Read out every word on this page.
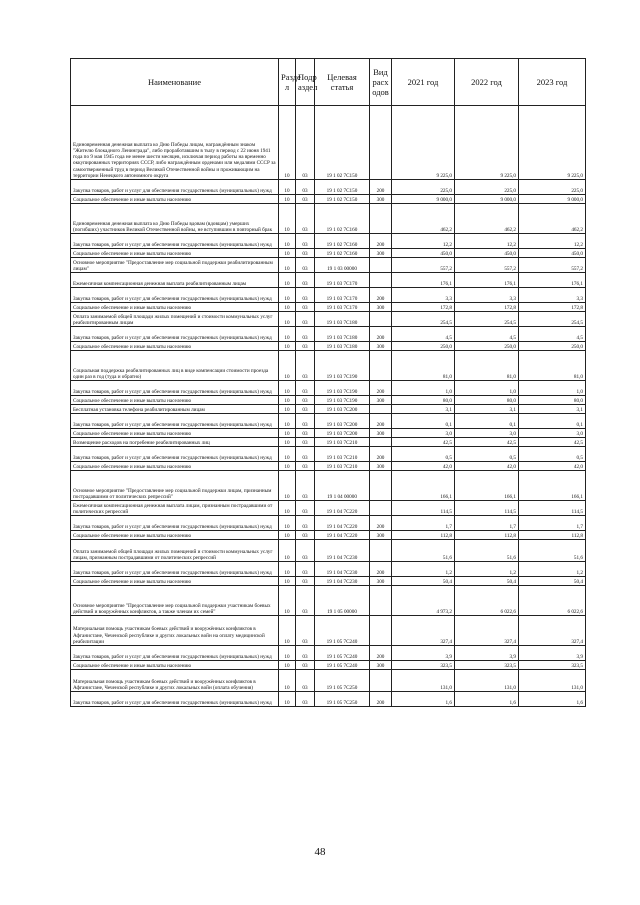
Наименование	Разде л	Подр аздел	Целевая статья	Вид расх одов	2021 год	2022 год	2023 год
Единовременная денежная выплата ко Дню Победы лицам, награждённым знаком "Жителю блокадного Ленинграда", либо проработавшим в тылу в период с 22 июня 1941 года по 9 мая 1945 года не менее шести месяцев, исключая период работы на временно оккупированных территориях СССР, либо награждённым орденами или медалями СССР за самоотверженный труд в период Великой Отечественной войны и проживающим на территории Ненецкого автономного округа	10	03	19 1 02 7С150		9 225,0	9 225,0	9 225,0
Закупка товаров, работ и услуг для обеспечения государственных (муниципальных) нужд	10	03	19 1 02 7С150	200	225,0	225,0	225,0
Социальное обеспечение и иные выплаты населению	10	03	19 1 02 7С150	300	9 000,0	9 000,0	9 000,0
Единовременная денежная выплата ко Дню Победы вдовам (вдовцам) умерших (погибших) участников Великой Отечественной войны, не вступившим в повторный брак	10	03	19 1 02 7С160		462,2	462,2	462,2
Закупка товаров, работ и услуг для обеспечения государственных (муниципальных) нужд	10	03	19 1 02 7С160	200	12,2	12,2	12,2
Социальное обеспечение и иные выплаты населению	10	03	19 1 02 7С160	300	450,0	450,0	450,0
Основное мероприятие "Предоставление мер социальной поддержки реабилитированным лицам"	10	03	19 1 03 00000		557,2	557,2	557,2
Ежемесячная компенсационная денежная выплата реабилитированным лицам	10	03	19 1 03 7С170		176,1	176,1	176,1
Закупка товаров, работ и услуг для обеспечения государственных (муниципальных) нужд	10	03	19 1 03 7С170	200	3,3	3,3	3,3
Социальное обеспечение и иные выплаты населению	10	03	19 1 03 7С170	300	172,8	172,8	172,8
Оплата занимаемой общей площади жилых помещений и стоимости коммунальных услуг реабилитированным лицам	10	03	19 1 03 7С180		254,5	254,5	254,5
Закупка товаров, работ и услуг для обеспечения государственных (муниципальных) нужд	10	03	19 1 03 7С180	200	4,5	4,5	4,5
Социальное обеспечение и иные выплаты населению	10	03	19 1 03 7С180	300	250,0	250,0	250,0
Социальная поддержка реабилитированных лиц в виде компенсации стоимости проезда один раз в год (туда и обратно)	10	03	19 1 03 7С190		81,0	81,0	81,0
Закупка товаров, работ и услуг для обеспечения государственных (муниципальных) нужд	10	03	19 1 03 7С190	200	1,0	1,0	1,0
Социальное обеспечение и иные выплаты населению	10	03	19 1 03 7С190	300	80,0	80,0	80,0
Бесплатная установка телефона реабилитированным лицам	10	03	19 1 03 7С200		3,1	3,1	3,1
Закупка товаров, работ и услуг для обеспечения государственных (муниципальных) нужд	10	03	19 1 03 7С200	200	0,1	0,1	0,1
Социальное обеспечение и иные выплаты населению	10	03	19 1 03 7С200	300	3,0	3,0	3,0
Возмещение расходов на погребение реабилитированных лиц	10	03	19 1 03 7С210		42,5	42,5	42,5
Закупка товаров, работ и услуг для обеспечения государственных (муниципальных) нужд	10	03	19 1 03 7С210	200	0,5	0,5	0,5
Социальное обеспечение и иные выплаты населению	10	03	19 1 03 7С210	300	42,0	42,0	42,0
Основное мероприятие "Предоставление мер социальной поддержки лицам, признанным пострадавшими от политических репрессий"	10	03	19 1 04 00000		166,1	166,1	166,1
Ежемесячная компенсационная денежная выплата лицам, признанным пострадавшими от политических репрессий	10	03	19 1 04 7С220		114,5	114,5	114,5
Закупка товаров, работ и услуг для обеспечения государственных (муниципальных) нужд	10	03	19 1 04 7С220	200	1,7	1,7	1,7
Социальное обеспечение и иные выплаты населению	10	03	19 1 04 7С220	300	112,8	112,8	112,8
Оплата занимаемой общей площади жилых помещений и стоимости коммунальных услуг лицам, признанным пострадавшими от политических репрессий	10	03	19 1 04 7С230		51,6	51,6	51,6
Закупка товаров, работ и услуг для обеспечения государственных (муниципальных) нужд	10	03	19 1 04 7С230	200	1,2	1,2	1,2
Социальное обеспечение и иные выплаты населению	10	03	19 1 04 7С230	300	50,4	50,4	50,4
Основное мероприятие "Предоставление мер социальной поддержки участникам боевых действий и вооружённых конфликтов, а также членам их семей"	10	03	19 1 05 00000		4 973,2	6 022,6	6 022,6
Материальная помощь участникам боевых действий и вооружённых конфликтов в Афганистане, Чеченской республике и других локальных войн на оплату медицинской реабилитации	10	03	19 1 05 7С240		327,4	327,4	327,4
Закупка товаров, работ и услуг для обеспечения государственных (муниципальных) нужд	10	03	19 1 05 7С240	200	3,9	3,9	3,9
Социальное обеспечение и иные выплаты населению	10	03	19 1 05 7С240	300	323,5	323,5	323,5
Материальная помощь участникам боевых действий и вооружённых конфликтов в Афганистане, Чеченской республике и других локальных войн (оплата обучения)	10	03	19 1 05 7С250		131,0	131,0	131,0
Закупка товаров, работ и услуг для обеспечения государственных (муниципальных) нужд	10	03	19 1 05 7С250	200	1,6	1,6	1,6
48
